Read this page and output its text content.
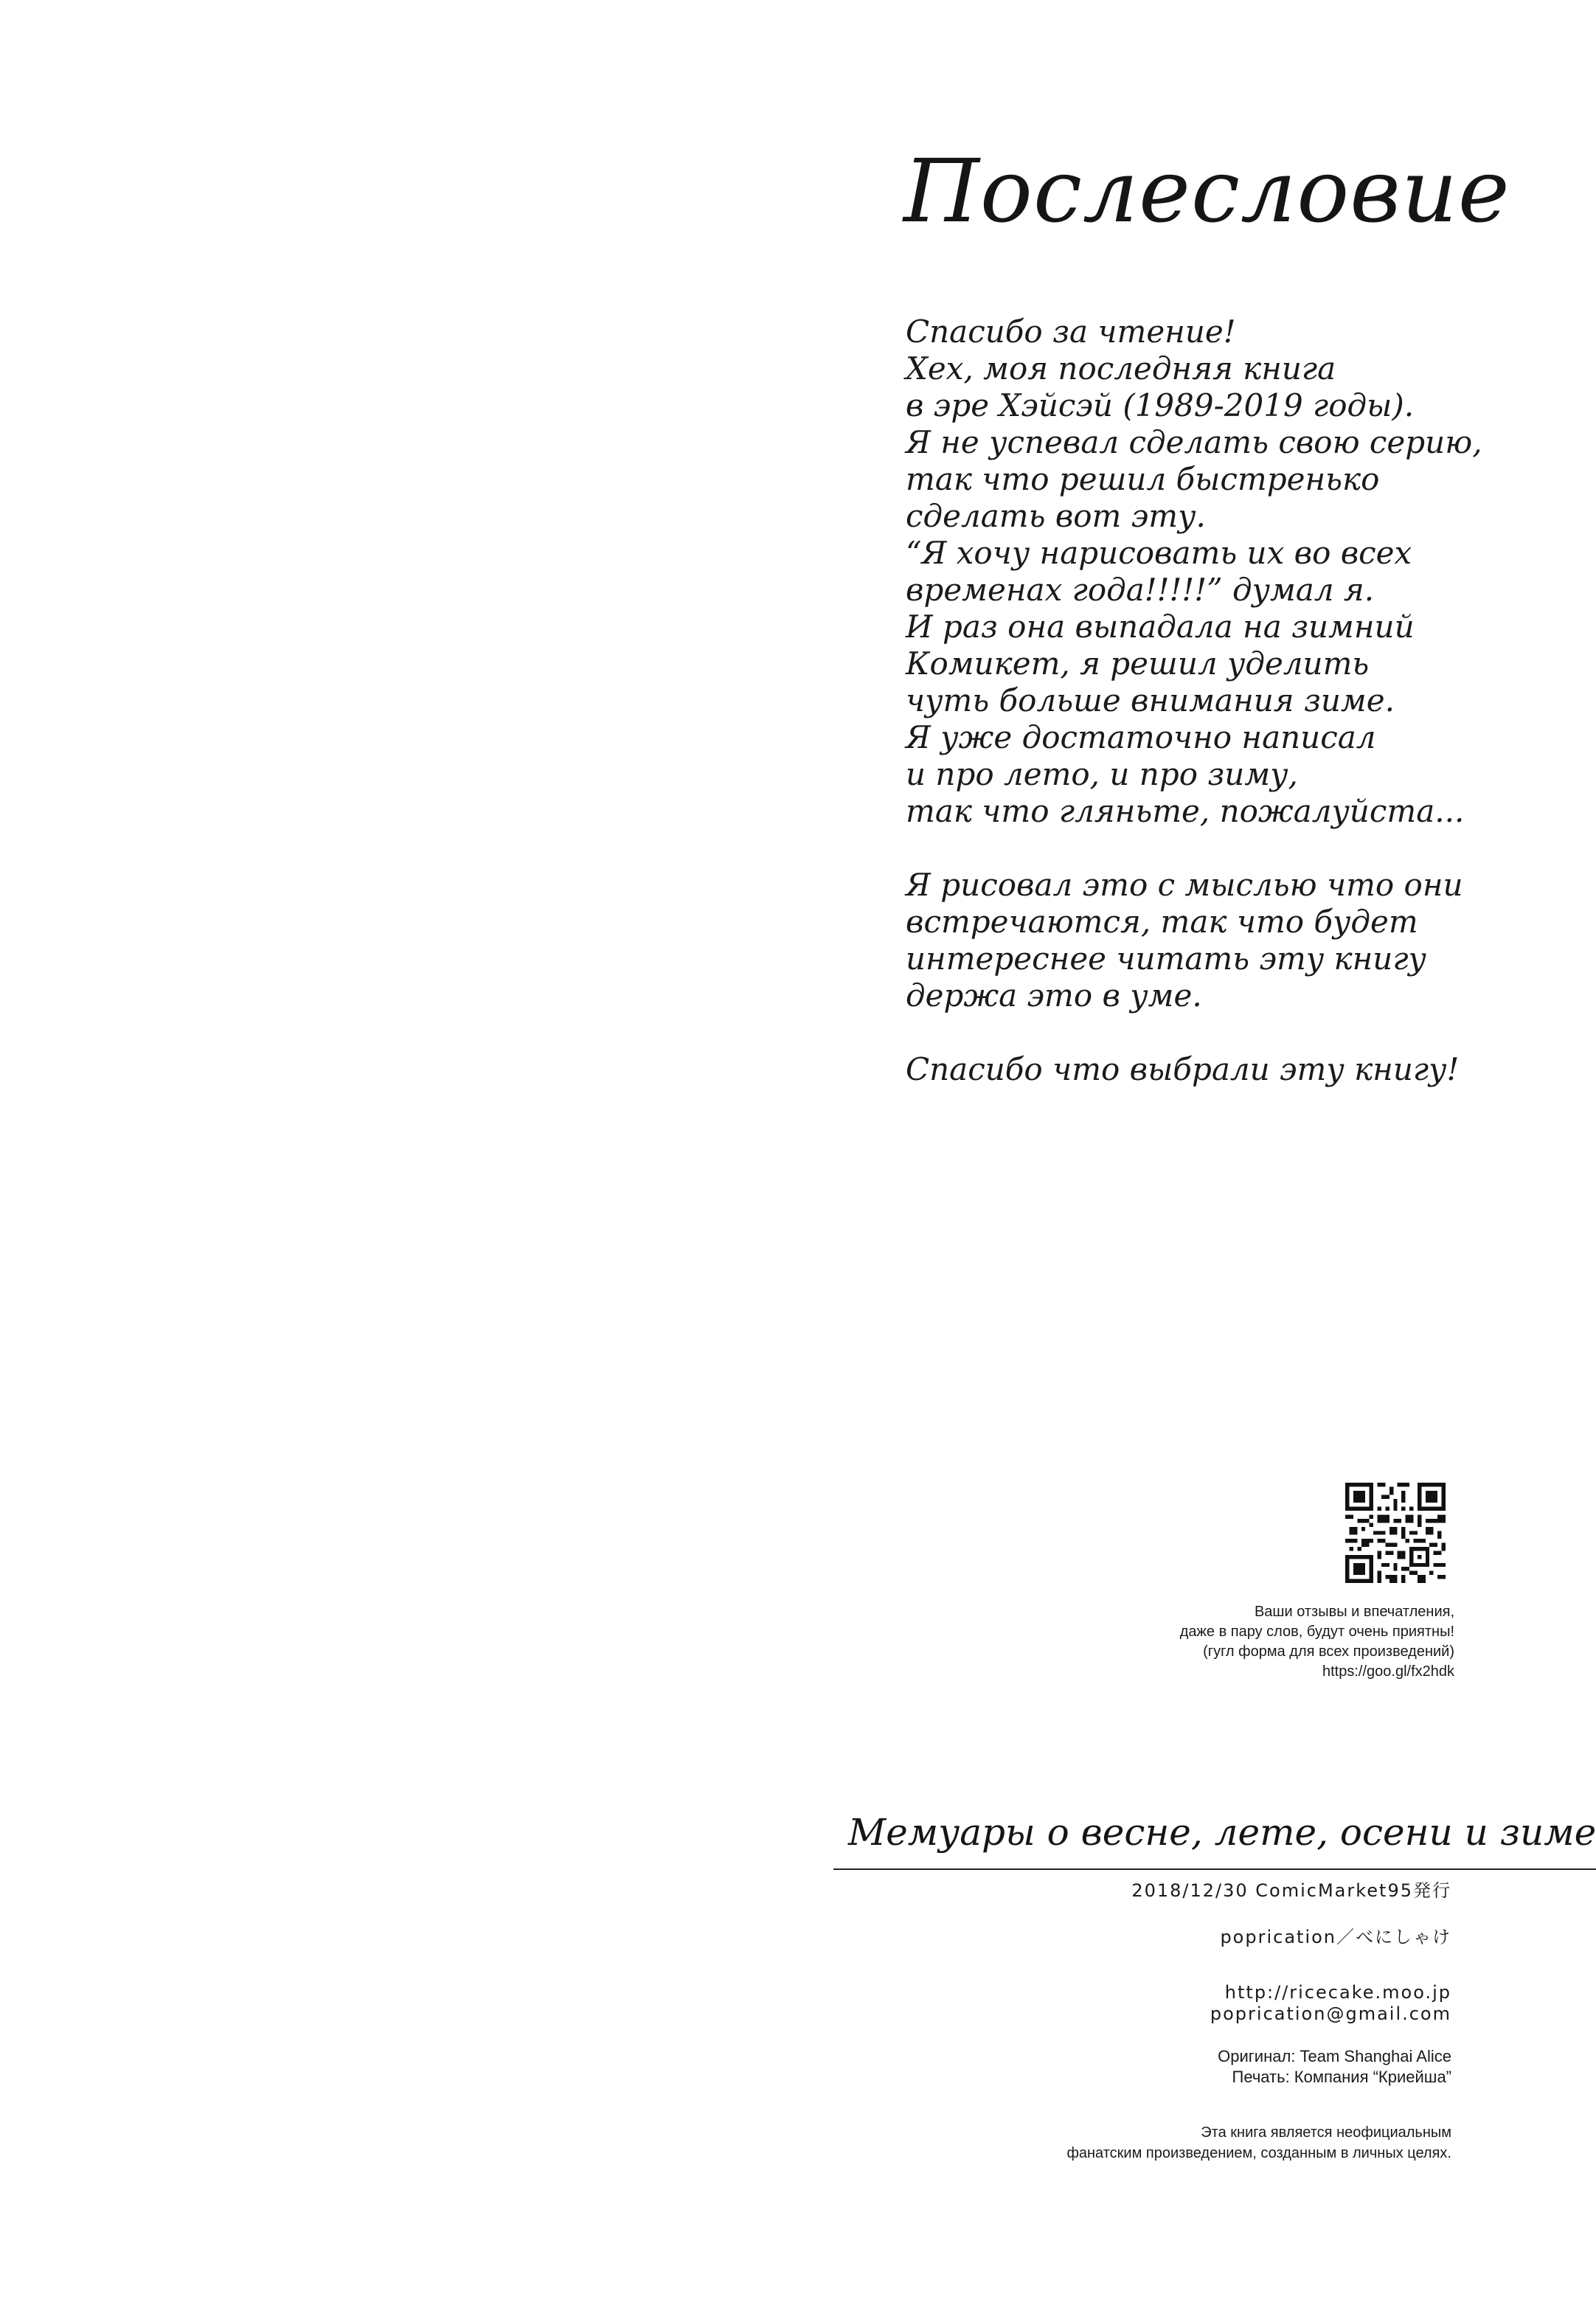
Послесловие
Спасибо за чтение!
Хех, моя последняя книга
в эре Хэйсэй (1989-2019 годы).
Я не успевал сделать свою серию,
так что решил быстренько
сделать вот эту.
“Я хочу нарисовать их во всех
временах года!!!!!” думал я.
И раз она выпадала на зимний
Комикет, я решил уделить
чуть больше внимания зиме.
Я уже достаточно написал
и про лето, и про зиму,
так что гляньте, пожалуйста...
Я рисовал это с мыслью что они
встречаются, так что будет
интереснее читать эту книгу
держа это в уме.
Спасибо что выбрали эту книгу!
Ваши отзывы и впечатления,
даже в пару слов, будут очень приятны!
(гугл форма для всех произведений)
https://goo.gl/fx2hdk
Мемуары о весне, лете, осени и зиме
2018/12/30 ComicMarket95発行
poprication／べにしゃけ
http://ricecake.moo.jp
poprication@gmail.com
Оригинал: Team Shanghai Alice
Печать: Компания “Криейша”
Эта книга является неофициальным
фанатским произведением, созданным в личных целях.
